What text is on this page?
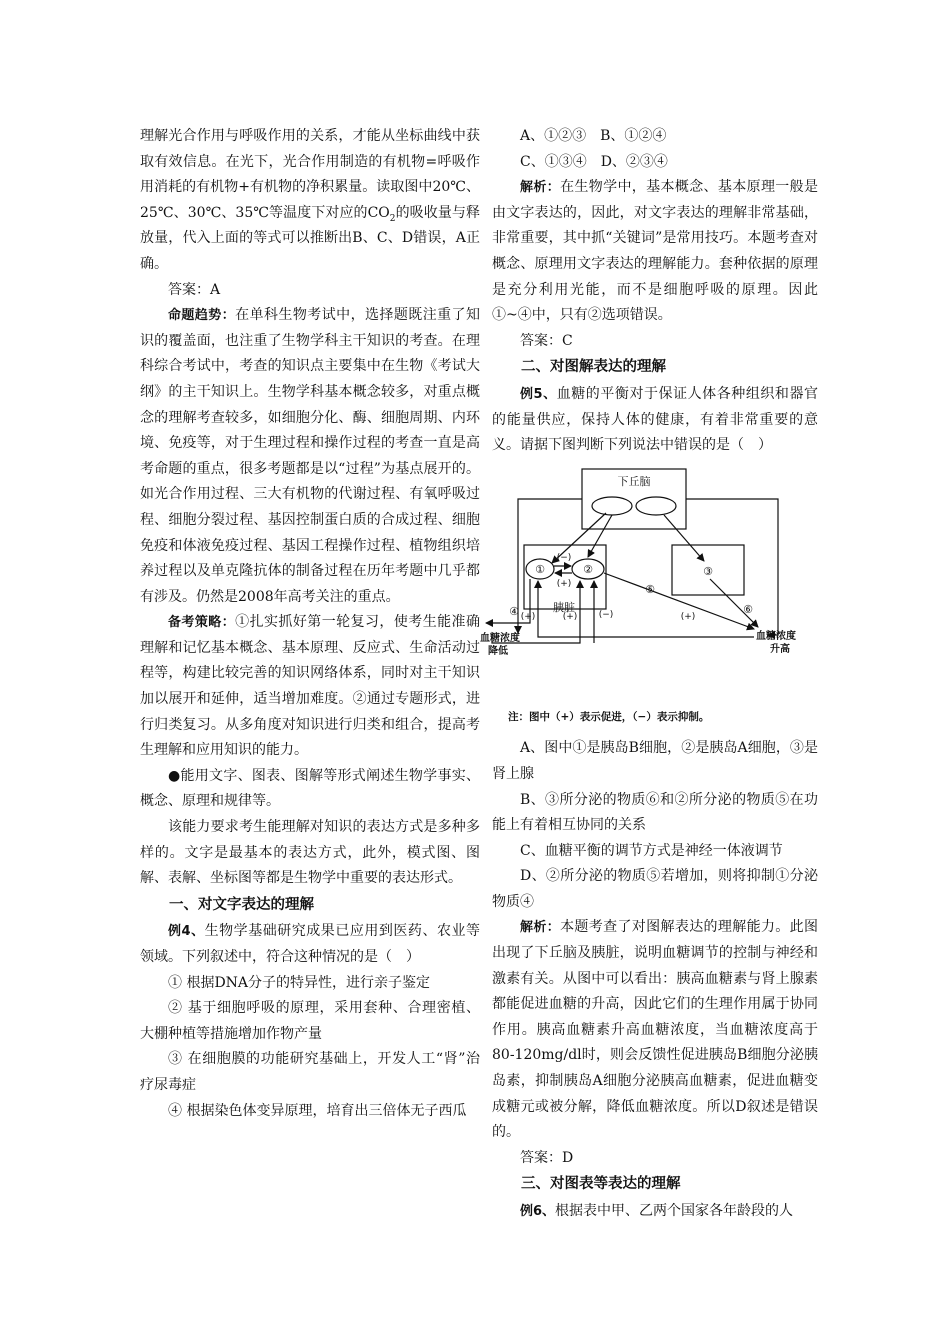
理解光合作用与呼吸作用的关系，才能从坐标曲线中获取有效信息。在光下，光合作用制造的有机物=呼吸作用消耗的有机物+有机物的净积累量。读取图中20℃、25℃、30℃、35℃等温度下对应的$CO_2$的吸收量与释放量，代入上面的等式可以推断出B、C、D错误，A正确。

答案：A

命题趋势：在单科生物考试中，选择题既注重了知识的覆盖面，也注重了生物学科主干知识的考查。在理科综合考试中，考查的知识点主要集中在生物《考试大纲》的主干知识上。生物学科基本概念较多，对重点概念的理解考查较多，如细胞分化、酶、细胞周期、内环境、免疫等，对于生理过程和操作过程的考查一直是高考命题的重点，很多考题都是以“过程”为基点展开的。如光合作用过程、三大有机物的代谢过程、有氧呼吸过程、细胞分裂过程、基因控制蛋白质的合成过程、细胞免疫和体液免疫过程、基因工程操作过程、植物组织培养过程以及单克隆抗体的制备过程在历年考题中几乎都有涉及。仍然是2008年高考关注的重点。

备考策略：①扎实抓好第一轮复习，使考生能准确理解和记忆基本概念、基本原理、反应式、生命活动过程等，构建比较完善的知识网络体系，同时对主干知识加以展开和延伸，适当增加难度。②通过专题形式，进行归类复习。从多角度对知识进行归类和组合，提高考生理解和应用知识的能力。

●能用文字、图表、图解等形式阐述生物学事实、概念、原理和规律等。

该能力要求考生能理解对知识的表达方式是多种多样的。文字是最基本的表达方式，此外，模式图、图解、表解、坐标图等都是生物学中重要的表达形式。

一、对文字表达的理解

例4、生物学基础研究成果已应用到医药、农业等领域。下列叙述中，符合这种情况的是（　）

① 根据DNA分子的特异性，进行亲子鉴定

② 基于细胞呼吸的原理，采用套种、合理密植、大棚种植等措施增加作物产量

③ 在细胞膜的功能研究基础上，开发人工“肾”治疗尿毒症

④ 根据染色体变异原理，培育出三倍体无子西瓜

A、①②③　B、①②④

C、①③④　D、②③④

解析：在生物学中，基本概念、基本原理一般是由文字表达的，因此，对文字表达的理解非常基础，非常重要，其中抓“关键词”是常用技巧。本题考查对概念、原理用文字表达的理解能力。套种依据的原理是充分利用光能，而不是细胞呼吸的原理。因此①~④中，只有②选项错误。

答案：C

二、对图解表达的理解

例5、血糖的平衡对于保证人体各种组织和器官的能量供应，保持人体的健康，有着非常重要的意义。请据下图判断下列说法中错误的是（　）

下丘脑
①	②	③
④
⑤
⑥
胰脏
(−)
(+)
(+)	(+) (−)	(+)
血糖浓度
降低
血糖浓度
升高

注：图中（+）表示促进，（−）表示抑制。

A、图中①是胰岛B细胞，②是胰岛A细胞，③是肾上腺

B、③所分泌的物质⑥和②所分泌的物质⑤在功能上有着相互协同的关系

C、血糖平衡的调节方式是神经一体液调节

D、②所分泌的物质⑤若增加，则将抑制①分泌物质④

解析：本题考查了对图解表达的理解能力。此图出现了下丘脑及胰脏，说明血糖调节的控制与神经和激素有关。从图中可以看出：胰高血糖素与肾上腺素都能促进血糖的升高，因此它们的生理作用属于协同作用。胰高血糖素升高血糖浓度，当血糖浓度高于80-120mg/dl时，则会反馈性促进胰岛B细胞分泌胰岛素，抑制胰岛A细胞分泌胰高血糖素，促进血糖变成糖元或被分解，降低血糖浓度。所以D叙述是错误的。

答案：D

三、对图表等表达的理解

例6、根据表中甲、乙两个国家各年龄段的人
